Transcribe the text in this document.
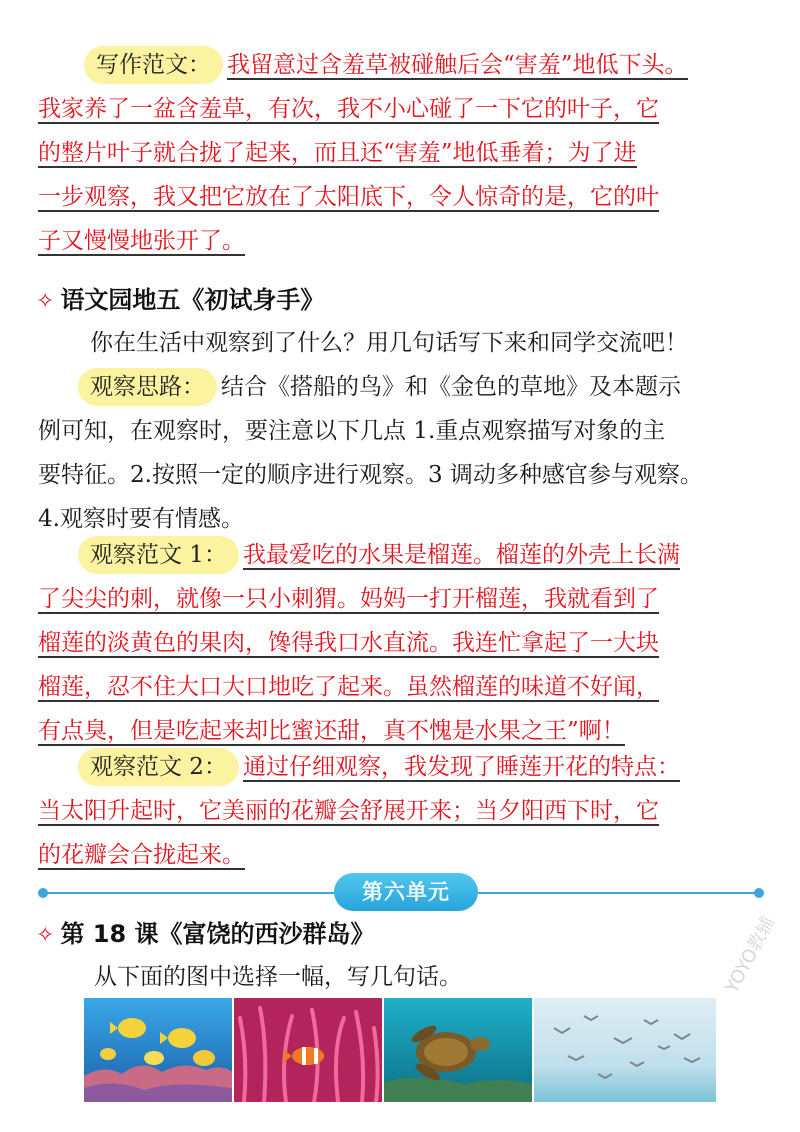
写作范文： 我留意过含羞草被碰触后会“害羞”地低下头。
我家养了一盆含羞草，有次，我不小心碰了一下它的叶子，它
的整片叶子就合拢了起来，而且还“害羞”地低垂着；为了进
一步观察，我又把它放在了太阳底下，令人惊奇的是，它的叶
子又慢慢地张开了。
✧ 语文园地五《初试身手》
你在生活中观察到了什么？用几句话写下来和同学交流吧！
观察思路： 结合《搭船的鸟》和《金色的草地》及本题示
例可知，在观察时，要注意以下几点 1.重点观察描写对象的主
要特征。2.按照一定的顺序进行观察。3 调动多种感官参与观察。
4.观察时要有情感。
观察范文 1： 我最爱吃的水果是榴莲。榴莲的外壳上长满
了尖尖的刺，就像一只小刺猬。妈妈一打开榴莲，我就看到了
榴莲的淡黄色的果肉，馋得我口水直流。我连忙拿起了一大块
榴莲，忍不住大口大口地吃了起来。虽然榴莲的味道不好闻，
有点臭，但是吃起来却比蜜还甜，真不愧是水果之王”啊！
观察范文 2： 通过仔细观察，我发现了睡莲开花的特点：
当太阳升起时，它美丽的花瓣会舒展开来；当夕阳西下时，它
的花瓣会合拢起来。
第六单元
✧ 第 18 课《富饶的西沙群岛》
从下面的图中选择一幅，写几句话。	YOYO教辅
